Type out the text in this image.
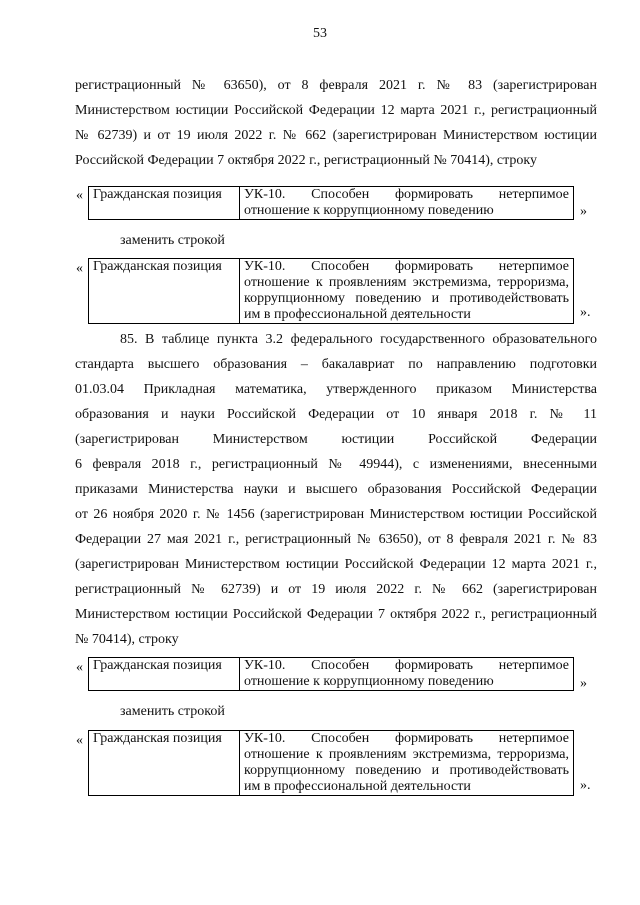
53
регистрационный № 63650), от 8 февраля 2021 г. № 83 (зарегистрирован
Министерством юстиции Российской Федерации 12 марта 2021 г., регистрационный
№ 62739) и от 19 июля 2022 г. № 662 (зарегистрирован Министерством юстиции
Российской Федерации 7 октября 2022 г., регистрационный № 70414), строку
« Гражданская позиция	УК-10. Способен формировать нетерпимое
отношение к коррупционному поведению	»
заменить строкой
« Гражданская позиция	УК-10. Способен формировать нетерпимое
отношение к проявлениям экстремизма, терроризма,
коррупционному поведению и противодействовать
им в профессиональной деятельности	».
85. В таблице пункта 3.2 федерального государственного образовательного
стандарта высшего образования – бакалавриат по направлению подготовки
01.03.04 Прикладная математика, утвержденного приказом Министерства
образования и науки Российской Федерации от 10 января 2018 г. № 11
(зарегистрирован Министерством юстиции Российской Федерации
6 февраля 2018 г., регистрационный № 49944), с изменениями, внесенными
приказами Министерства науки и высшего образования Российской Федерации
от 26 ноября 2020 г. № 1456 (зарегистрирован Министерством юстиции Российской
Федерации 27 мая 2021 г., регистрационный № 63650), от 8 февраля 2021 г. № 83
(зарегистрирован Министерством юстиции Российской Федерации 12 марта 2021 г.,
регистрационный № 62739) и от 19 июля 2022 г. № 662 (зарегистрирован
Министерством юстиции Российской Федерации 7 октября 2022 г., регистрационный
№ 70414), строку
« Гражданская позиция	УК-10. Способен формировать нетерпимое
отношение к коррупционному поведению	»
заменить строкой
« Гражданская позиция	УК-10. Способен формировать нетерпимое
отношение к проявлениям экстремизма, терроризма,
коррупционному поведению и противодействовать
им в профессиональной деятельности	».
